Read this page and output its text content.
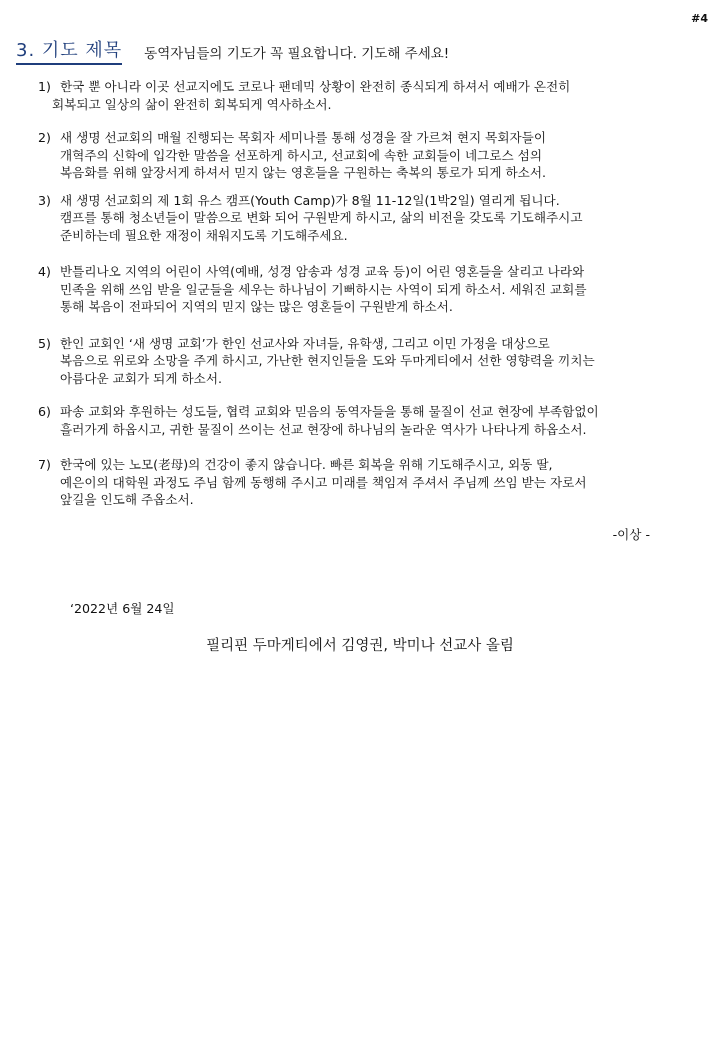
#4
3. 기도 제목 동역자님들의 기도가 꼭 필요합니다. 기도해 주세요!
1) 한국 뿐 아니라 이곳 선교지에도 코로나 팬데믹 상황이 완전히 종식되게 하셔서 예배가 온전히
회복되고 일상의 삶이 완전히 회복되게 역사하소서.
2) 새 생명 선교회의 매월 진행되는 목회자 세미나를 통해 성경을 잘 가르쳐 현지 목회자들이
개혁주의 신학에 입각한 말씀을 선포하게 하시고, 선교회에 속한 교회들이 네그로스 섬의
복음화를 위해 앞장서게 하셔서 믿지 않는 영혼들을 구원하는 축복의 통로가 되게 하소서.
3) 새 생명 선교회의 제 1회 유스 캠프(Youth Camp)가 8월 11-12일(1박2일) 열리게 됩니다.
캠프를 통해 청소년들이 말씀으로 변화 되어 구원받게 하시고, 삶의 비전을 갖도록 기도해주시고
준비하는데 필요한 재정이 채워지도록 기도해주세요.
4) 반틀리나오 지역의 어린이 사역(예배, 성경 암송과 성경 교육 등)이 어린 영혼들을 살리고 나라와
민족을 위해 쓰임 받을 일군들을 세우는 하나님이 기뻐하시는 사역이 되게 하소서. 세워진 교회를
통해 복음이 전파되어 지역의 믿지 않는 많은 영혼들이 구원받게 하소서.
5) 한인 교회인 ‘새 생명 교회’가 한인 선교사와 자녀들, 유학생, 그리고 이민 가정을 대상으로
복음으로 위로와 소망을 주게 하시고, 가난한 현지인들을 도와 두마게티에서 선한 영향력을 끼치는
아름다운 교회가 되게 하소서.
6) 파송 교회와 후원하는 성도들, 협력 교회와 믿음의 동역자들을 통해 물질이 선교 현장에 부족함없이
흘러가게 하옵시고, 귀한 물질이 쓰이는 선교 현장에 하나님의 놀라운 역사가 나타나게 하옵소서.
7) 한국에 있는 노모(老母)의 건강이 좋지 않습니다. 빠른 회복을 위해 기도해주시고, 외동 딸,
예은이의 대학원 과정도 주님 함께 동행해 주시고 미래를 책임져 주셔서 주님께 쓰임 받는 자로서
앞길을 인도해 주옵소서.
-이상 -
‘2022년 6월 24일
필리핀 두마게티에서 김영권, 박미나 선교사 올림
